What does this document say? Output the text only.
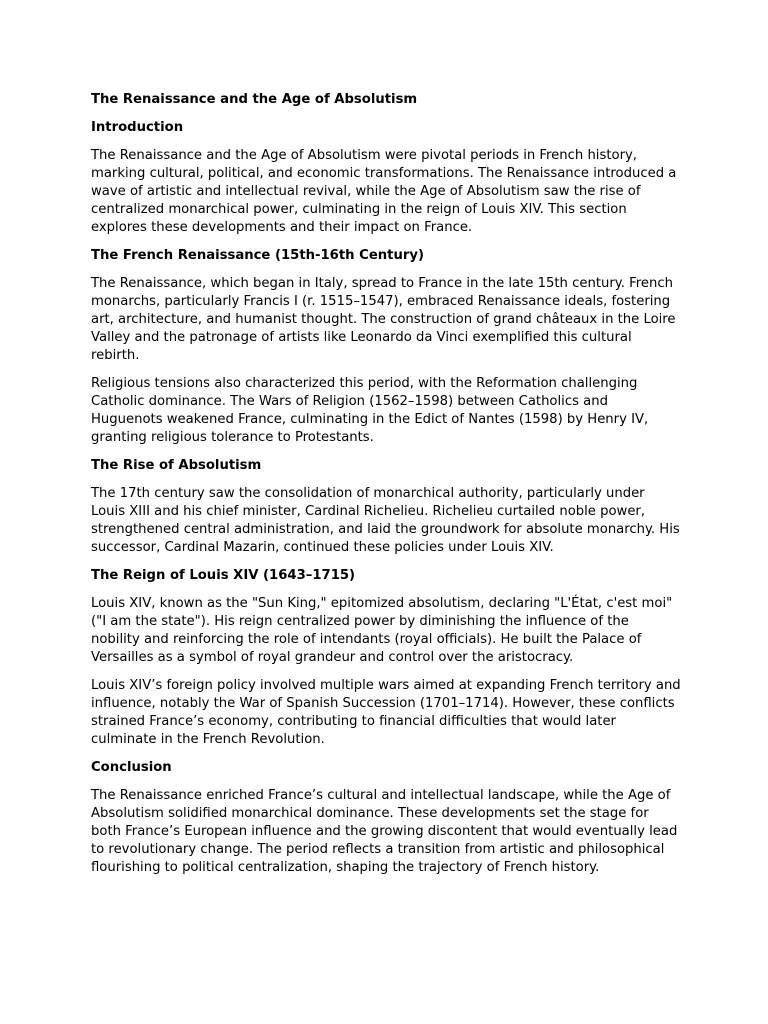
The Renaissance and the Age of Absolutism
Introduction

The Renaissance and the Age of Absolutism were pivotal periods in French history, marking cultural, political, and economic transformations. The Renaissance introduced a wave of artistic and intellectual revival, while the Age of Absolutism saw the rise of centralized monarchical power, culminating in the reign of Louis XIV. This section explores these developments and their impact on France.

The French Renaissance (15th-16th Century)

The Renaissance, which began in Italy, spread to France in the late 15th century. French monarchs, particularly Francis I (r. 1515–1547), embraced Renaissance ideals, fostering art, architecture, and humanist thought. The construction of grand châteaux in the Loire Valley and the patronage of artists like Leonardo da Vinci exemplified this cultural rebirth.

Religious tensions also characterized this period, with the Reformation challenging Catholic dominance. The Wars of Religion (1562–1598) between Catholics and Huguenots weakened France, culminating in the Edict of Nantes (1598) by Henry IV, granting religious tolerance to Protestants.

The Rise of Absolutism

The 17th century saw the consolidation of monarchical authority, particularly under Louis XIII and his chief minister, Cardinal Richelieu. Richelieu curtailed noble power, strengthened central administration, and laid the groundwork for absolute monarchy. His successor, Cardinal Mazarin, continued these policies under Louis XIV.

The Reign of Louis XIV (1643–1715)

Louis XIV, known as the "Sun King," epitomized absolutism, declaring "L'État, c'est moi" ("I am the state"). His reign centralized power by diminishing the influence of the nobility and reinforcing the role of intendants (royal officials). He built the Palace of Versailles as a symbol of royal grandeur and control over the aristocracy.

Louis XIV’s foreign policy involved multiple wars aimed at expanding French territory and influence, notably the War of Spanish Succession (1701–1714). However, these conflicts strained France’s economy, contributing to financial difficulties that would later culminate in the French Revolution.

Conclusion

The Renaissance enriched France’s cultural and intellectual landscape, while the Age of Absolutism solidified monarchical dominance. These developments set the stage for both France’s European influence and the growing discontent that would eventually lead to revolutionary change. The period reflects a transition from artistic and philosophical flourishing to political centralization, shaping the trajectory of French history.
